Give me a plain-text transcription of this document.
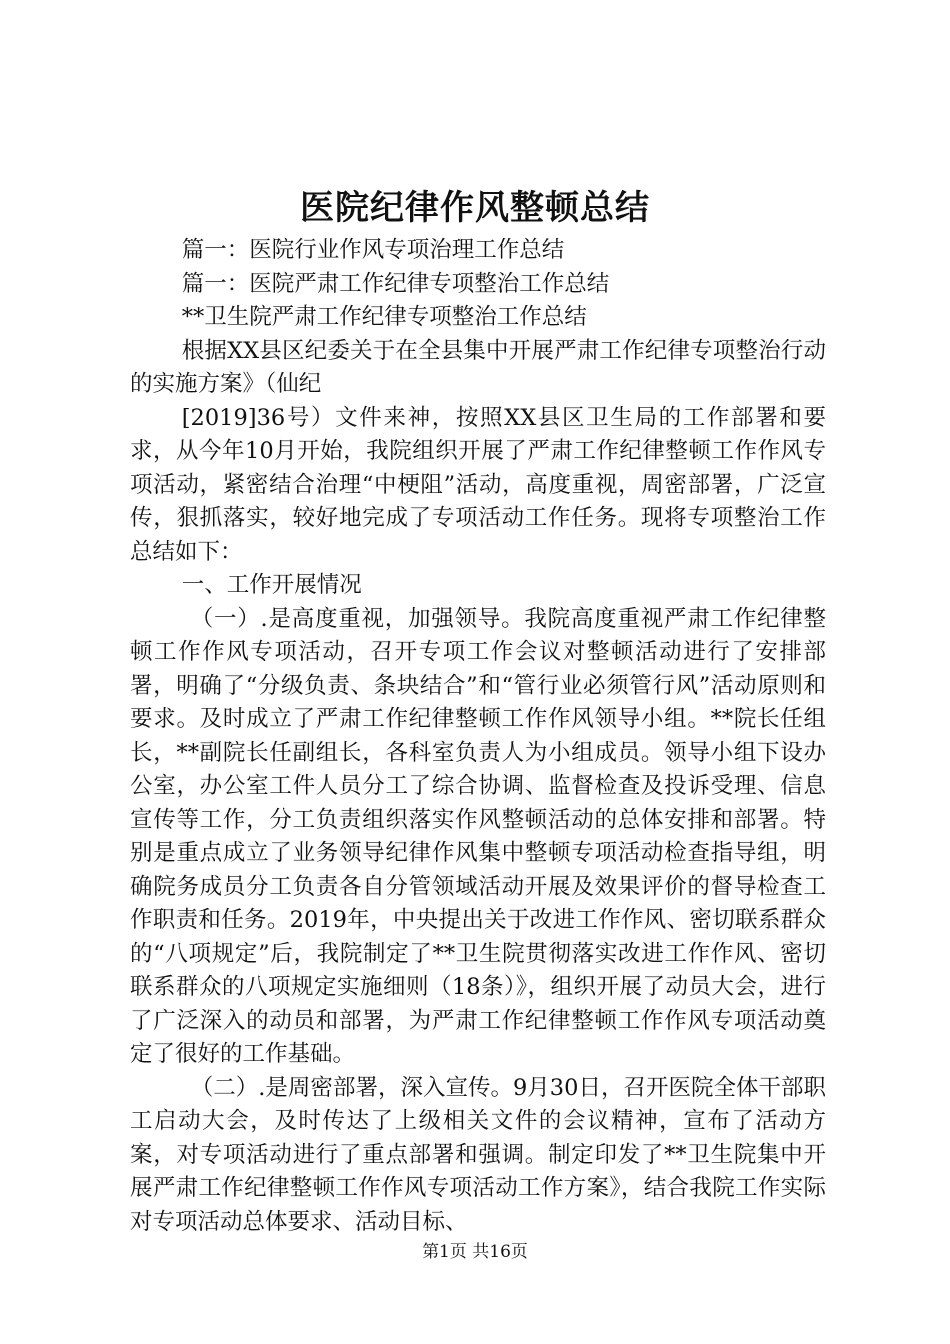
医院纪律作风整顿总结

篇一：医院行业作风专项治理工作总结

篇一：医院严肃工作纪律专项整治工作总结

**卫生院严肃工作纪律专项整治工作总结

根据XX县区纪委关于在全县集中开展严肃工作纪律专项整治行动的实施方案》（仙纪

[2019]36号）文件来神，按照XX县区卫生局的工作部署和要求，从今年10月开始，我院组织开展了严肃工作纪律整顿工作作风专项活动，紧密结合治理“中梗阻”活动，高度重视，周密部署，广泛宣传，狠抓落实，较好地完成了专项活动工作任务。现将专项整治工作总结如下：

一、工作开展情况

（一）.是高度重视，加强领导。我院高度重视严肃工作纪律整顿工作作风专项活动，召开专项工作会议对整顿活动进行了安排部署，明确了“分级负责、条块结合”和“管行业必须管行风”活动原则和要求。及时成立了严肃工作纪律整顿工作作风领导小组。**院长任组长，**副院长任副组长，各科室负责人为小组成员。领导小组下设办公室，办公室工件人员分工了综合协调、监督检查及投诉受理、信息宣传等工作，分工负责组织落实作风整顿活动的总体安排和部署。特别是重点成立了业务领导纪律作风集中整顿专项活动检查指导组，明确院务成员分工负责各自分管领域活动开展及效果评价的督导检查工作职责和任务。2019年，中央提出关于改进工作作风、密切联系群众的“八项规定”后，我院制定了**卫生院贯彻落实改进工作作风、密切联系群众的八项规定实施细则（18条）》，组织开展了动员大会，进行了广泛深入的动员和部署，为严肃工作纪律整顿工作作风专项活动奠定了很好的工作基础。

（二）.是周密部署，深入宣传。9月30日，召开医院全体干部职工启动大会，及时传达了上级相关文件的会议精神，宣布了活动方案，对专项活动进行了重点部署和强调。制定印发了**卫生院集中开展严肃工作纪律整顿工作作风专项活动工作方案》，结合我院工作实际对专项活动总体要求、活动目标、

第1页 共16页
